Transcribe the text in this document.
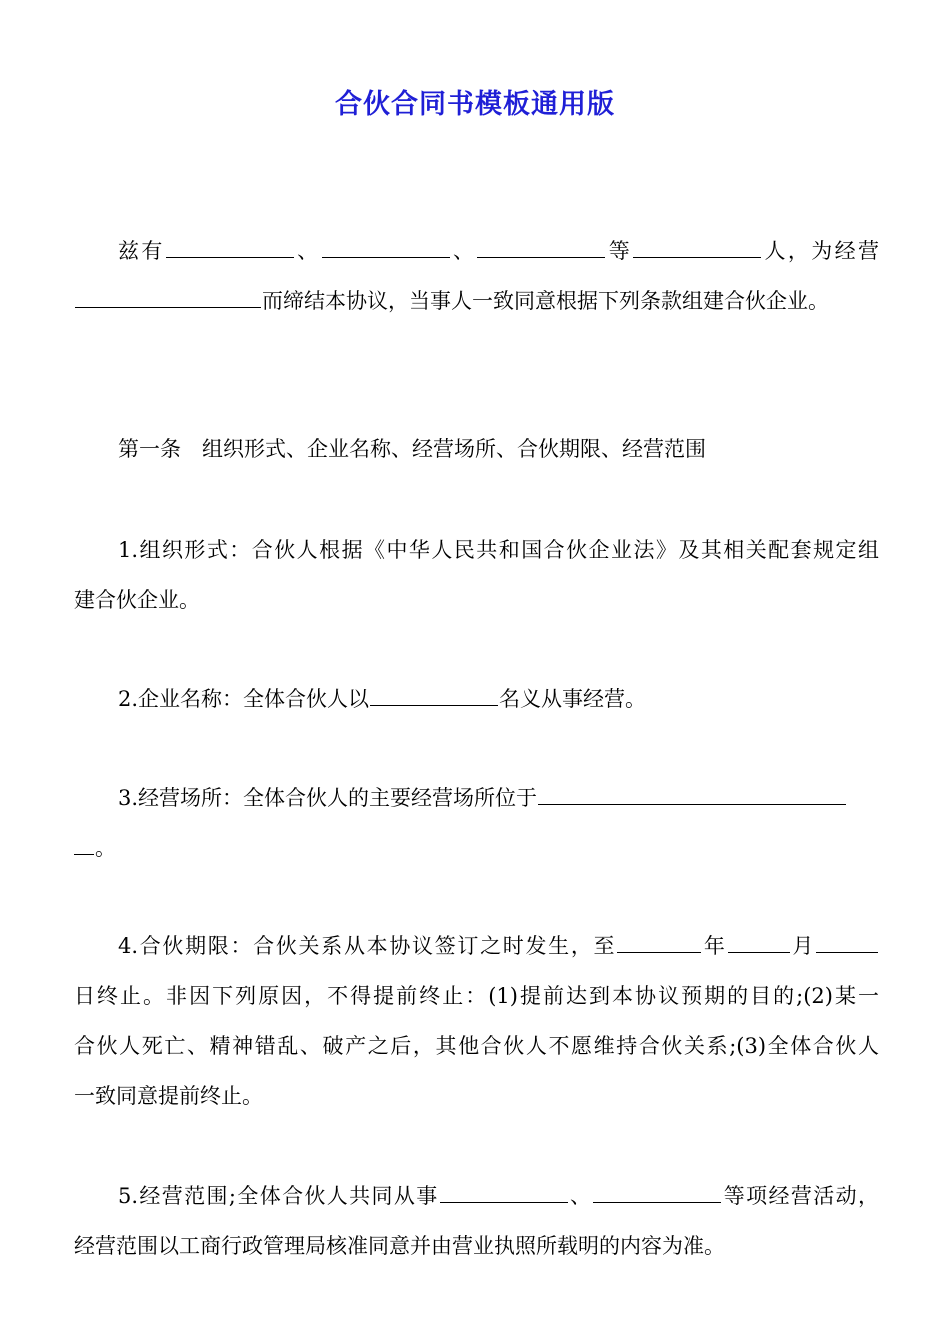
合伙合同书模板通用版
兹有	、	、	等	人，为经营
而缔结本协议，当事人一致同意根据下列条款组建合伙企业。
第一条　组织形式、企业名称、经营场所、合伙期限、经营范围
1.组织形式：合伙人根据《中华人民共和国合伙企业法》及其相关配套规定组
建合伙企业。
2.企业名称：全体合伙人以	名义从事经营。
3.经营场所：全体合伙人的主要经营场所位于
。
4.合伙期限：合伙关系从本协议签订之时发生，至	年	月
日终止。非因下列原因，不得提前终止：(1)提前达到本协议预期的目的;(2)某一
合伙人死亡、精神错乱、破产之后，其他合伙人不愿维持合伙关系;(3)全体合伙人
一致同意提前终止。
5.经营范围;全体合伙人共同从事	、	等项经营活动，
经营范围以工商行政管理局核准同意并由营业执照所载明的内容为准。
